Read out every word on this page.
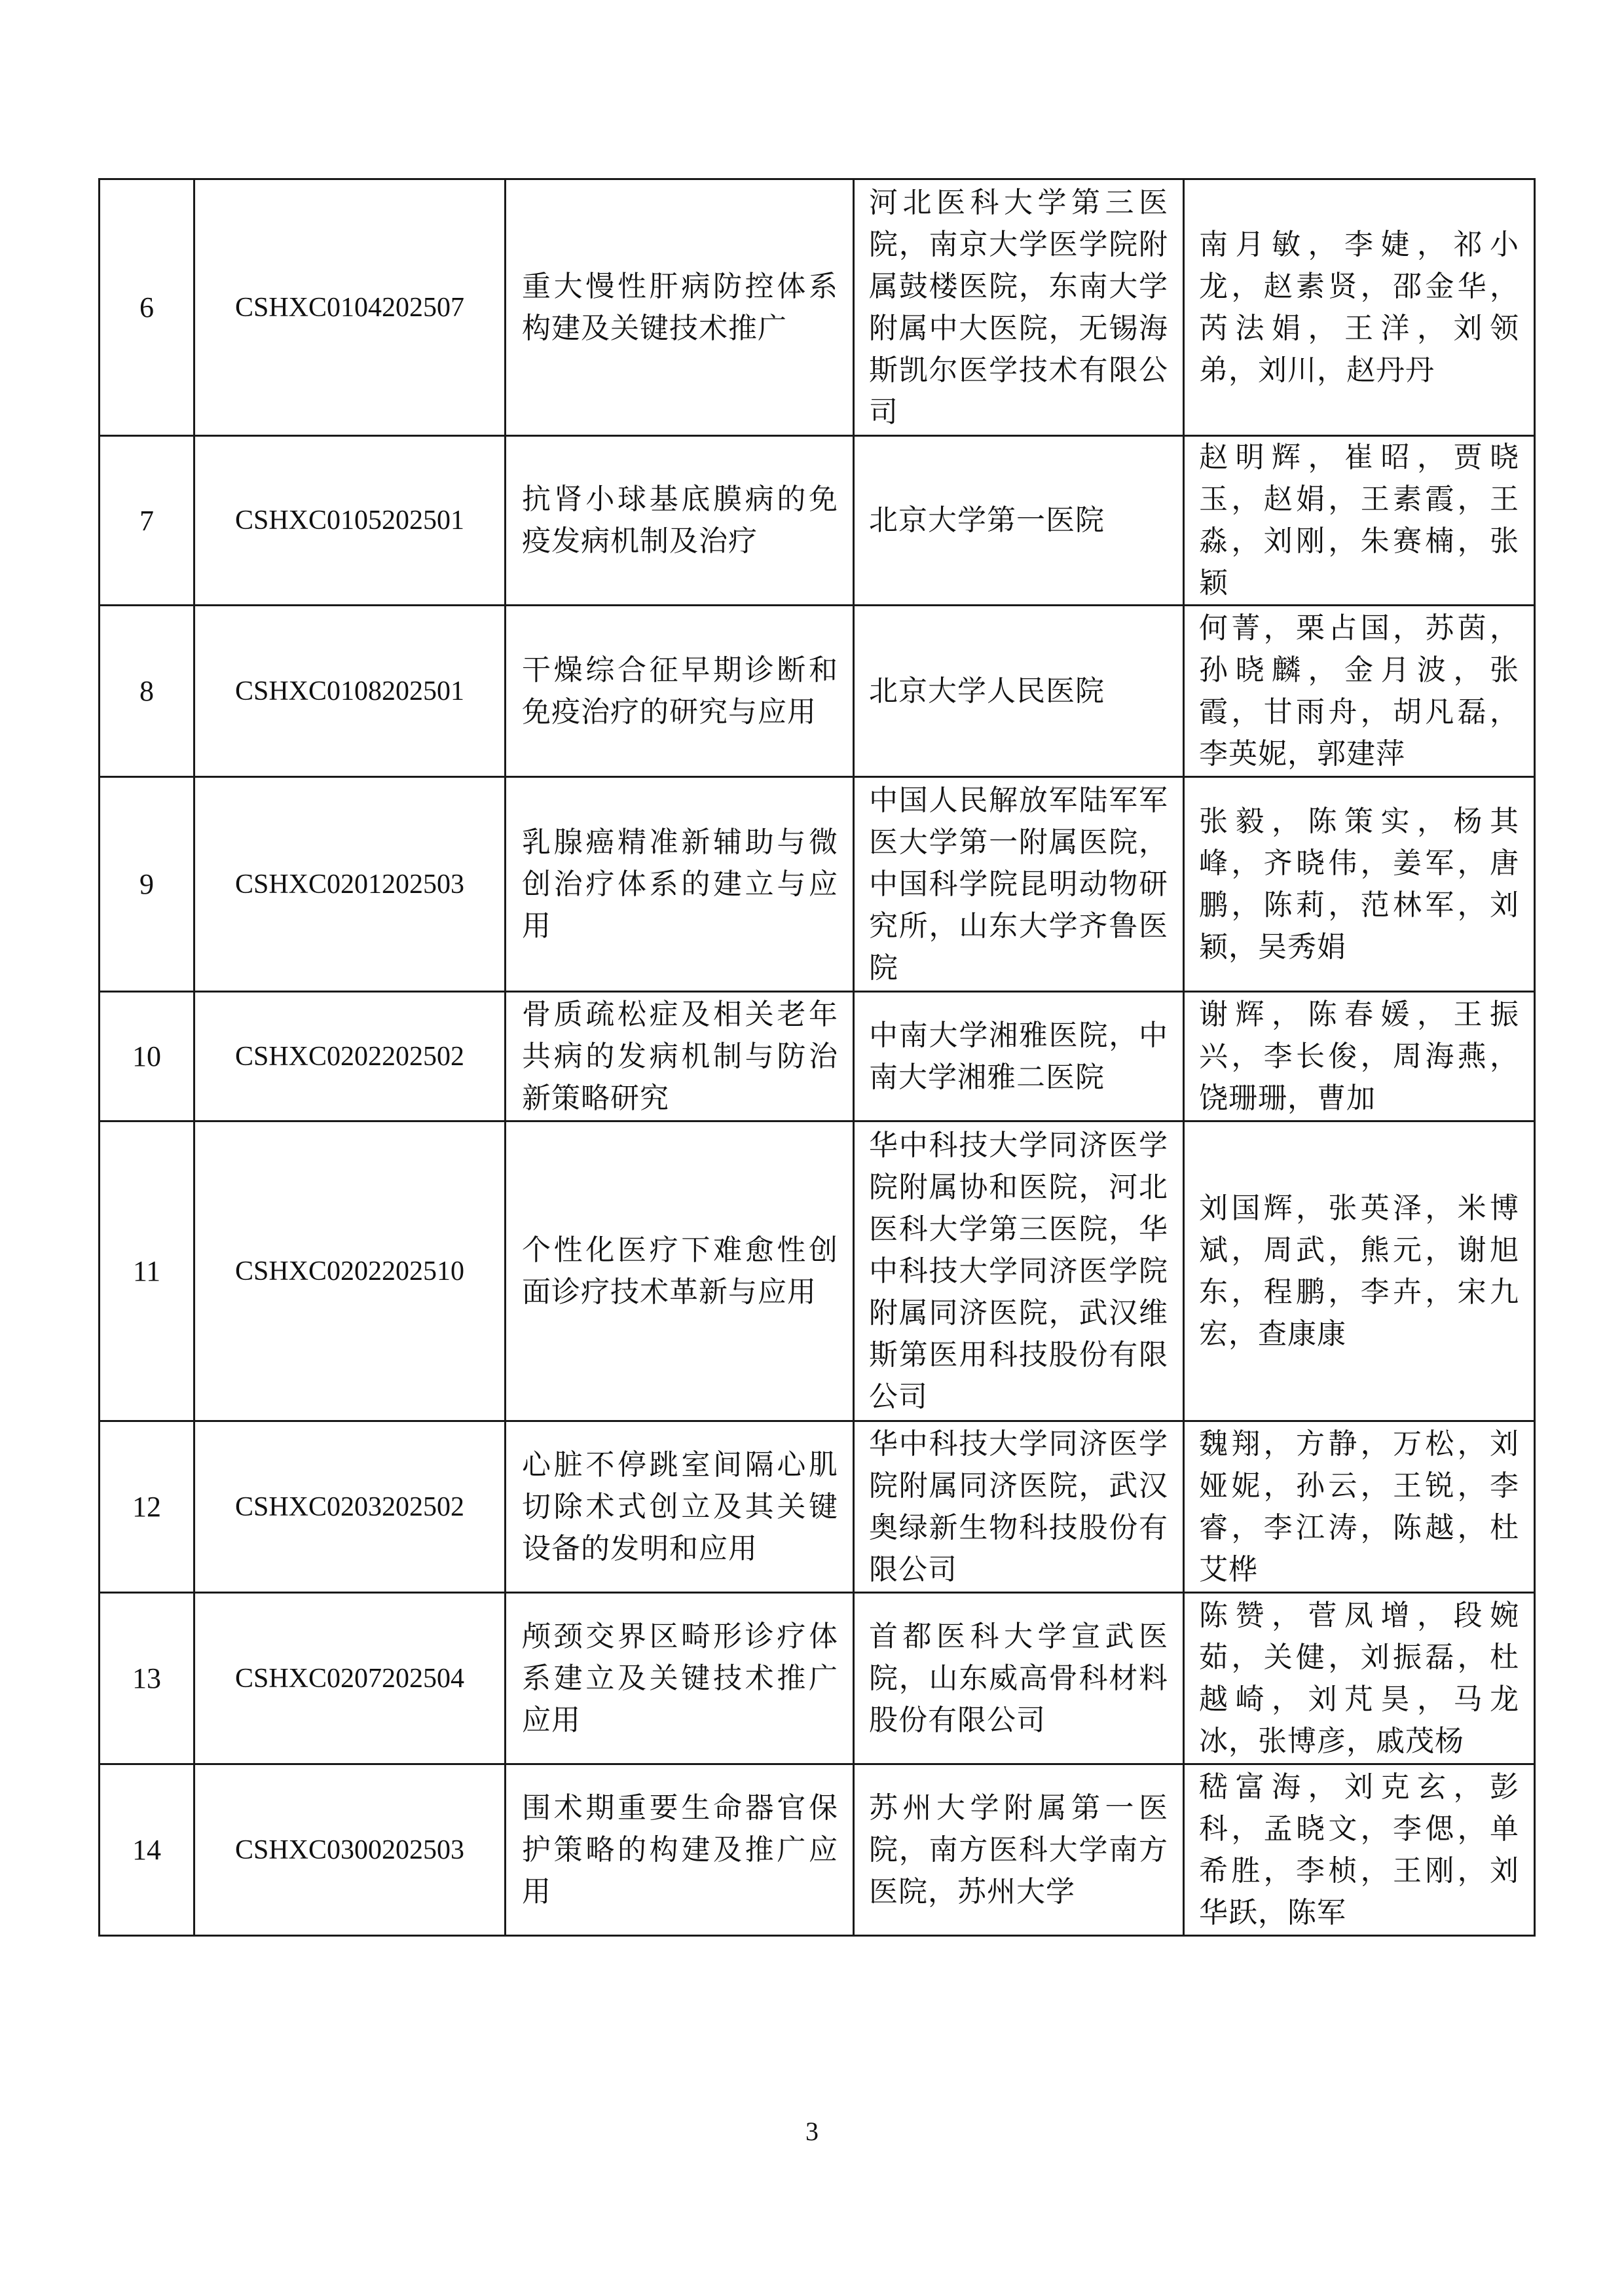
6	CSHXC0104202507	重大慢性肝病防控体系构建及关键技术推广	河北医科大学第三医院，南京大学医学院附属鼓楼医院，东南大学附属中大医院，无锡海斯凯尔医学技术有限公司	南月敏，李婕，祁小龙，赵素贤，邵金华，芮法娟，王洋，刘领弟，刘川，赵丹丹
7	CSHXC0105202501	抗肾小球基底膜病的免疫发病机制及治疗	北京大学第一医院	赵明辉，崔昭，贾晓玉，赵娟，王素霞，王淼，刘刚，朱赛楠，张颖
8	CSHXC0108202501	干燥综合征早期诊断和免疫治疗的研究与应用	北京大学人民医院	何菁，栗占国，苏茵，孙晓麟，金月波，张霞，甘雨舟，胡凡磊，李英妮，郭建萍
9	CSHXC0201202503	乳腺癌精准新辅助与微创治疗体系的建立与应用	中国人民解放军陆军军医大学第一附属医院，中国科学院昆明动物研究所，山东大学齐鲁医院	张毅，陈策实，杨其峰，齐晓伟，姜军，唐鹏，陈莉，范林军，刘颖，吴秀娟
10	CSHXC0202202502	骨质疏松症及相关老年共病的发病机制与防治新策略研究	中南大学湘雅医院，中南大学湘雅二医院	谢辉，陈春媛，王振兴，李长俊，周海燕，饶珊珊，曹加
11	CSHXC0202202510	个性化医疗下难愈性创面诊疗技术革新与应用	华中科技大学同济医学院附属协和医院，河北医科大学第三医院，华中科技大学同济医学院附属同济医院，武汉维斯第医用科技股份有限公司	刘国辉，张英泽，米博斌，周武，熊元，谢旭东，程鹏，李卉，宋九宏，查康康
12	CSHXC0203202502	心脏不停跳室间隔心肌切除术式创立及其关键设备的发明和应用	华中科技大学同济医学院附属同济医院，武汉奥绿新生物科技股份有限公司	魏翔，方静，万松，刘娅妮，孙云，王锐，李睿，李江涛，陈越，杜艾桦
13	CSHXC0207202504	颅颈交界区畸形诊疗体系建立及关键技术推广应用	首都医科大学宣武医院，山东威高骨科材料股份有限公司	陈赞，菅凤增，段婉茹，关健，刘振磊，杜越崎，刘芃昊，马龙冰，张博彦，戚茂杨
14	CSHXC0300202503	围术期重要生命器官保护策略的构建及推广应用	苏州大学附属第一医院，南方医科大学南方医院，苏州大学	嵇富海，刘克玄，彭科，孟晓文，李偲，单希胜，李桢，王刚，刘华跃，陈军
3
